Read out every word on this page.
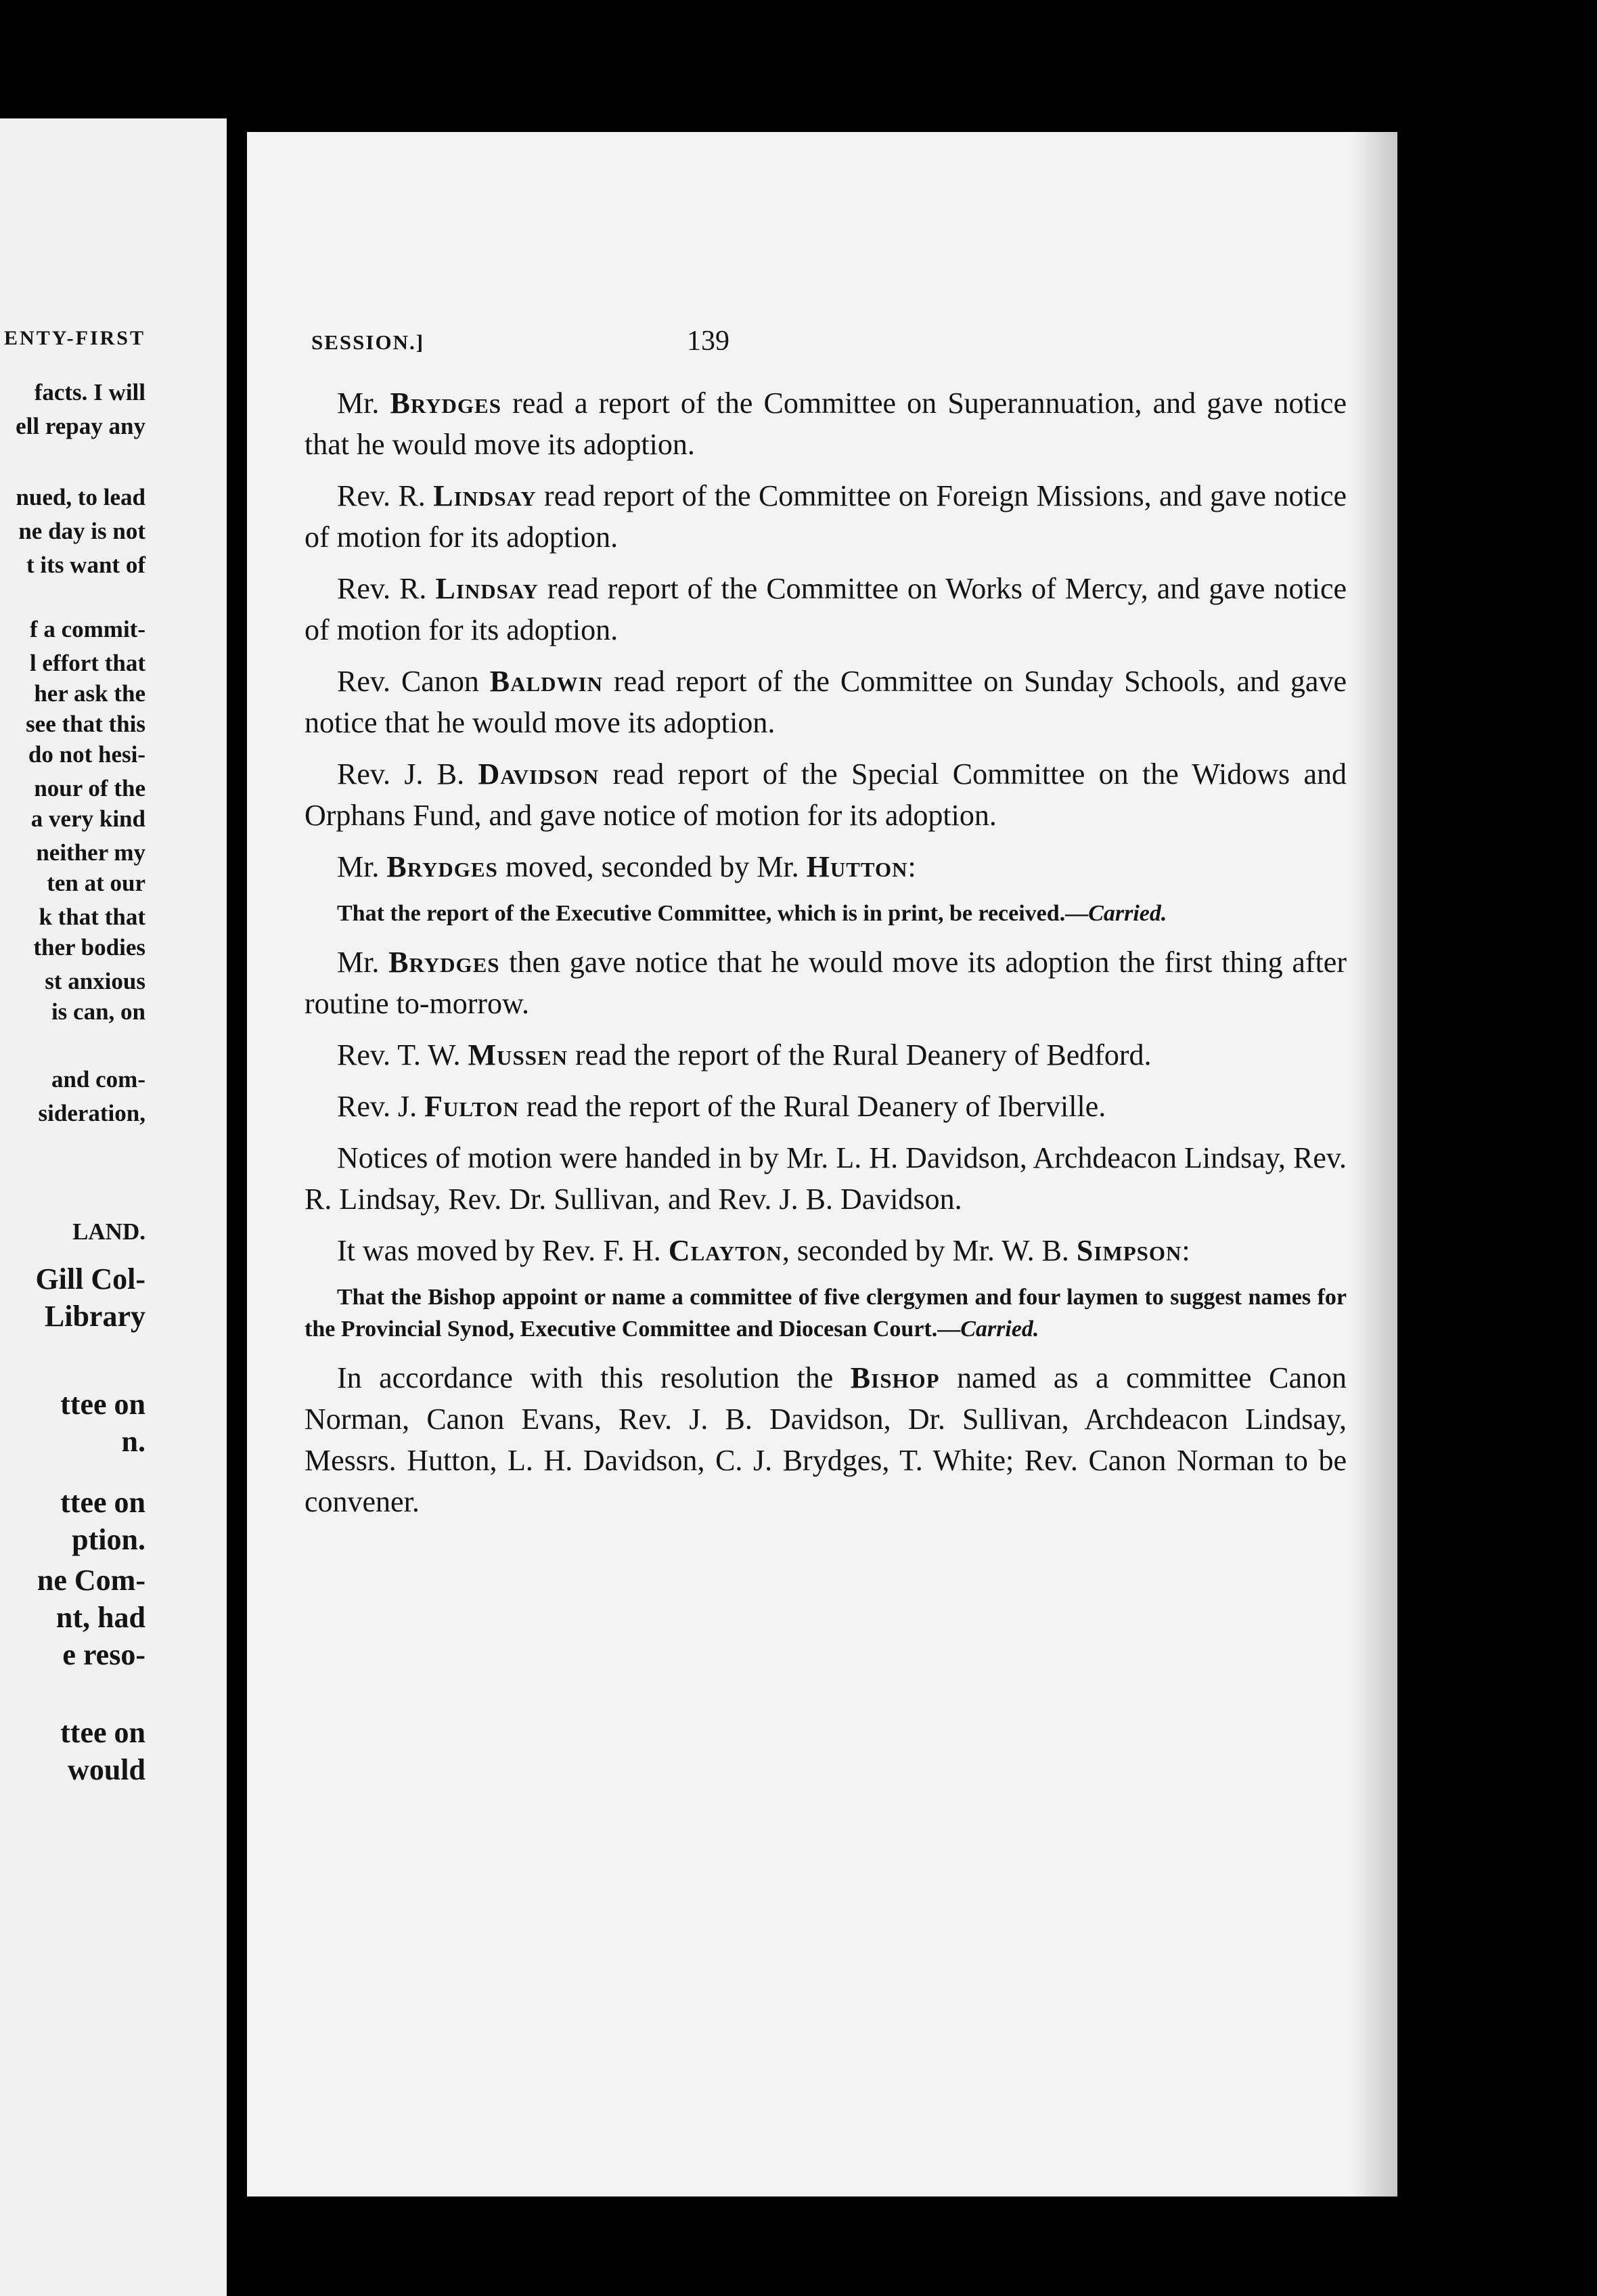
ENTY-FIRST
facts. I will
ell repay any
nued, to lead
ne day is not
t its want of
f a commit-
l effort that
her ask the
see that this
do not hesi-
nour of the
a very kind
neither my
ten at our
k that that
ther bodies
st anxious
is can, on
and com-
sideration,
LAND.
Gill Col-
Library
ttee on
n.
ttee on
ption.
ne Com-
nt, had
e reso-
ttee on
would
SESSION.]	139

Mr. Brydges read a report of the Committee on Superannuation, and gave notice that he would move its adoption.

Rev. R. Lindsay read report of the Committee on Foreign Missions, and gave notice of motion for its adoption.

Rev. R. Lindsay read report of the Committee on Works of Mercy, and gave notice of motion for its adoption.

Rev. Canon Baldwin read report of the Committee on Sunday Schools, and gave notice that he would move its adoption.

Rev. J. B. Davidson read report of the Special Committee on the Widows and Orphans Fund, and gave notice of motion for its adoption.

Mr. Brydges moved, seconded by Mr. Hutton:

That the report of the Executive Committee, which is in print, be received.—Carried.

Mr. Brydges then gave notice that he would move its adoption the first thing after routine to-morrow.

Rev. T. W. Mussen read the report of the Rural Deanery of Bedford.

Rev. J. Fulton read the report of the Rural Deanery of Iberville.

Notices of motion were handed in by Mr. L. H. Davidson, Archdeacon Lindsay, Rev. R. Lindsay, Rev. Dr. Sullivan, and Rev. J. B. Davidson.

It was moved by Rev. F. H. Clayton, seconded by Mr. W. B. Simpson:

That the Bishop appoint or name a committee of five clergymen and four laymen to suggest names for the Provincial Synod, Executive Committee and Diocesan Court.—Carried.

In accordance with this resolution the Bishop named as a committee Canon Norman, Canon Evans, Rev. J. B. Davidson, Dr. Sullivan, Archdeacon Lindsay, Messrs. Hutton, L. H. Davidson, C. J. Brydges, T. White; Rev. Canon Norman to be convener.
